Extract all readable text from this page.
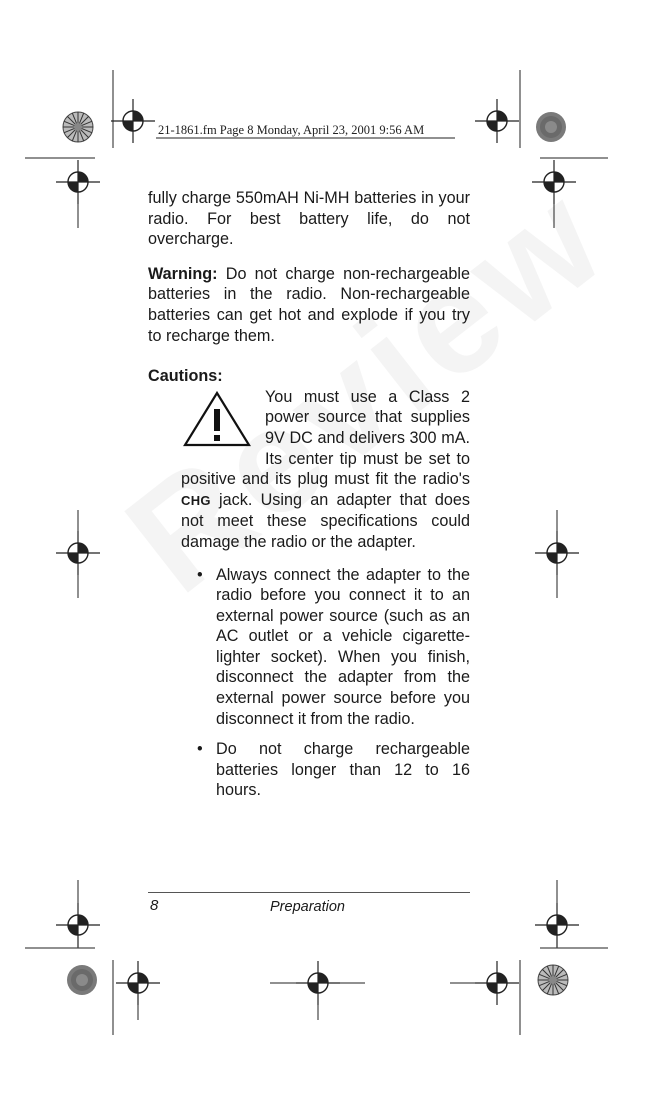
21-1861.fm Page 8 Monday, April 23, 2001 9:56 AM

fully charge 550mAH Ni-MH batteries in your radio. For best battery life, do not overcharge.

Warning: Do not charge non-rechargeable batteries in the radio. Non-rechargeable batteries can get hot and explode if you try to recharge them.

Cautions:

You must use a Class 2 power source that supplies 9V DC and delivers 300 mA. Its center tip must be set to positive and its plug must fit the radio's CHG jack. Using an adapter that does not meet these specifications could damage the radio or the adapter.

• Always connect the adapter to the radio before you connect it to an external power source (such as an AC outlet or a vehicle cigarette-lighter socket). When you finish, disconnect the adapter from the external power source before you disconnect it from the radio.
• Do not charge rechargeable batteries longer than 12 to 16 hours.
8	Preparation
